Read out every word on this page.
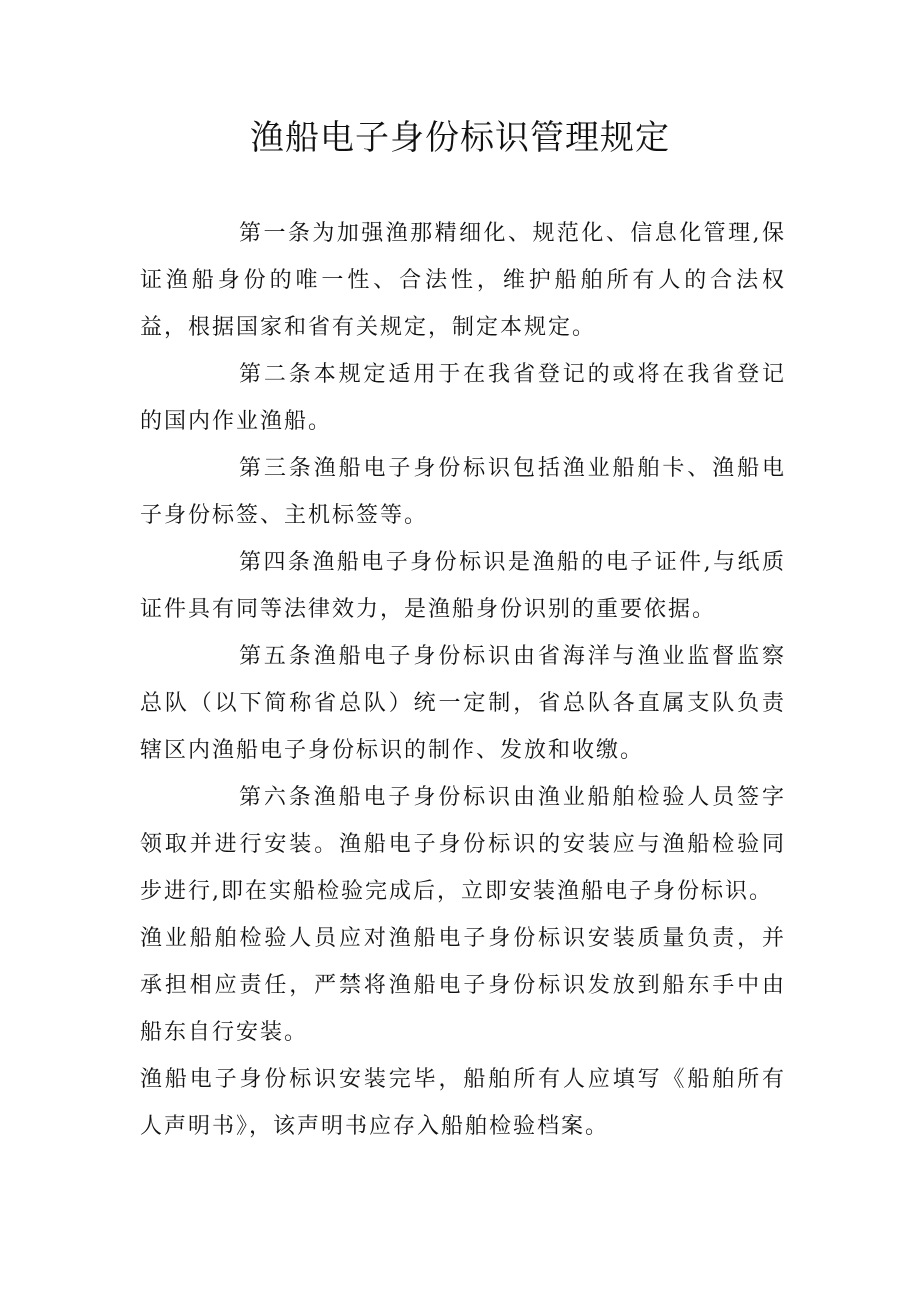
渔船电子身份标识管理规定

第一条为加强渔那精细化、规范化、信息化管理,保证渔船身份的唯一性、合法性，维护船舶所有人的合法权益，根据国家和省有关规定，制定本规定。

第二条本规定适用于在我省登记的或将在我省登记的国内作业渔船。

第三条渔船电子身份标识包括渔业船舶卡、渔船电子身份标签、主机标签等。

第四条渔船电子身份标识是渔船的电子证件,与纸质证件具有同等法律效力，是渔船身份识别的重要依据。

第五条渔船电子身份标识由省海洋与渔业监督监察总队（以下简称省总队）统一定制，省总队各直属支队负责辖区内渔船电子身份标识的制作、发放和收缴。

第六条渔船电子身份标识由渔业船舶检验人员签字领取并进行安装。渔船电子身份标识的安装应与渔船检验同步进行,即在实船检验完成后，立即安装渔船电子身份标识。

渔业船舶检验人员应对渔船电子身份标识安装质量负责，并承担相应责任，严禁将渔船电子身份标识发放到船东手中由船东自行安装。

渔船电子身份标识安装完毕，船舶所有人应填写《船舶所有人声明书》，该声明书应存入船舶检验档案。
